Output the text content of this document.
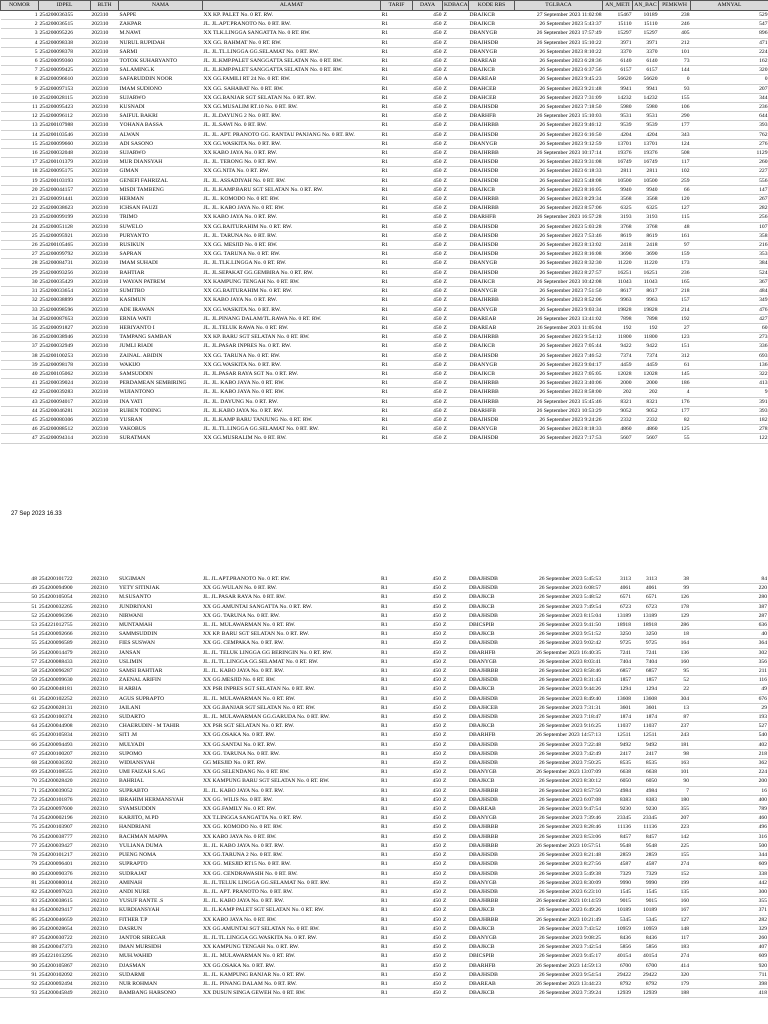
NOMOR	IDPEL	BLTH	NAMA	ALAMAT	TARIF	DAYA	KDBACA	KODE RBS	TGLBACA	AN_METI	AN_BAC	PEMKWH	AMNYAL
1	254200036355	202310	SAPPE	XX KP. PALET No. 0 RT. RW.	R1	450	Z	DBAJKCB	27 September 2023 11:02:08	15467	10189	238	529
2	254200036515	202310	ZAKPAR	JL. JL.APT.PRANOTO No. 0 RT. RW.	R1	450	Z	DBAJKCB	26 September 2023 5:43:37	15110	15110	246	547
3	254200095226	202310	M.NAWI	XX TLK.LINGGA SANGATTA No. 0 RT. RW.	R1	450	Z	DBANYGB	26 September 2023 17:57:49	15297	15297	405	896
4	254200098338	202310	NURUL RUPIDAH	XX GG. RAHMAT No. 0 RT. RW.	R1	450	Z	DBAJHSDB	26 September 2023 15:10:22	3971	3971	212	471
5	254200098378	202310	SARMI	JL. JL.TL.LINGGA GG.SELAMAT No. 0 RT. RW.	R1	450	Z	DBANYGB	26 September 2023 8:10:22	3370	3370	101	224
6	254200099360	202310	TOTOK SUHARYANTO	JL. JL.KMP.PALET SANGGATTA SELATAN No. 0 RT. RW.	R1	450	Z	DBAREAB	26 September 2023 6:28:36	6140	6140	73	162
7	254200099425	202310	SALAMING.K	JL. JL.KMP.PALET SANGGATTA SELATAN No. 0 RT. RW.	R1	450	Z	DBAJKCB	26 September 2023 6:37:56	6157	6157	144	320
8	254200096610	202310	SAFARUDDIN NOOR	XX GG.FAMILI RT 24 No. 0 RT. RW.	R1	450	A	DBAREAB	26 September 2023 9:45:23	56620	56620	0	0
9	254200097153	202310	IMAM SUDIONO	XX GG. SAHABAT No. 0 RT. RW.	R1	450	Z	DBAHCEB	26 September 2023 9:21:48	9941	9941	93	207
10	254200028115	202310	SUJARWO	XX GG.BANJAR SGT SELATAN No. 0 RT. RW.	R1	450	Z	DBAHCEB	26 September 2023 7:31:09	14232	14232	155	344
11	254200095423	202310	KUSNADI	XX GG.MUSALIM RT.10 No. 0 RT. RW.	R1	450	Z	DBAJHSDB	26 September 2023 7:18:50	5980	5980	106	236
12	254200096112	202310	SAIFUL BAKRI	JL. JL.DAYUNG 2 No. 0 RT. RW.	R1	450	Z	DBARHFB	26 September 2023 15:10:03	9531	9531	290	644
13	254200107988	202310	YOHANA BASSA	JL. JL.SAWI No. 0 RT. RW.	R1	450	Z	DBAJHRBB	26 September 2023 9:46:12	9539	9539	177	393
14	254200103546	202310	ALWAN	JL. JL. APT. PRANOTO GG. RANTAU PANJANG No. 0 RT. RW.	R1	450	Z	DBAJHSDB	26 September 2023 6:16:50	4204	4204	343	762
15	254200099660	202310	ADI SASONO	XX GG.WASKITA No. 0 RT. RW.	R1	450	Z	DBANYGB	26 September 2023 9:12:59	13701	13701	124	276
16	254200032048	202310	SUJARWO	XX KABO JAYA No. 0 RT. RW.	R1	450	Z	DBAJHRBB	26 September 2023 10:17:14	19376	19376	508	1129
17	254200101379	202310	MUR DIANSYAH	JL. JL. TERONG No. 0 RT. RW.	R1	450	Z	DBAJHSDB	26 September 2023 9:31:08	16749	16749	117	260
18	254200095175	202310	GIMAN	XX GG.NITA No. 0 RT. RW.	R1	450	Z	DBAJHSDB	26 September 2023 6:18:33	2811	2811	102	227
19	254200103193	202310	GENEFI FAHRIZAL	JL. JL. ASSADIYAH No. 0 RT. RW.	R1	450	Z	DBAJHSDB	26 September 2023 5:48:08	10500	10500	259	556
20	254200044157	202310	MISDI TAMBENG	JL. JL.KAMP.BARU SGT SELATAN No. 0 RT. RW.	R1	450	Z	DBAJKCB	26 September 2023 8:16:05	9940	9940	66	147
21	254200091441	202310	HERMAN	JL. JL. KOMODO No. 0 RT. RW.	R1	450	Z	DBAJHRBB	26 September 2023 8:29:34	3568	3568	120	267
22	254200038623	202310	ICHSAN FAUZI	JL. JL. KABO JAYA No. 0 RT. RW.	R1	450	Z	DBAJHRBB	26 September 2023 8:57:06	6325	6325	127	282
23	254200099199	202310	TRIMO	XX KABO JAYA No. 0 RT. RW.	R1	450	Z	DBARHFB	26 September 2023 16:57:28	3193	3193	115	256
24	254200051128	202310	SUWELO	XX GG.BAITURAHIM No. 0 RT. RW.	R1	450	Z	DBAJHSDB	26 September 2023 5:03:28	3768	3768	48	107
25	254200095921	202310	PURYANTO	JL. JL. TARUNA No. 0 RT. RW.	R1	450	Z	DBAJHSDB	26 September 2023 7:53:46	8619	8619	161	358
26	254200105465	202310	RUSIKUN	XX GG. MESJID No. 0 RT. RW.	R1	450	Z	DBAJHSDB	26 September 2023 8:13:02	2418	2418	97	216
27	254200099792	202310	SAPRAN	XX GG. TARUNA No. 0 RT. RW.	R1	450	Z	DBAJHSDB	26 September 2023 8:16:08	3690	3690	159	353
28	254200084731	202310	IMAM SUHADI	JL. JL.TLK.LINGGA No. 0 RT. RW.	R1	450	Z	DBANYGB	26 September 2023 8:32:30	11220	11220	173	384
29	254200093256	202310	BAHTIAR	JL. JL.SEPAKAT GG.GEMBIRA No. 0 RT. RW.	R1	450	Z	DBAJHSDB	26 September 2023 8:27:57	16251	16251	236	524
30	254200035429	202310	I WAYAN PATREM	XX KAMPUNG TENGAH No. 0 RT. RW.	R1	450	Z	DBAJKCB	26 September 2023 10:42:08	11043	11043	165	367
31	254200033654	202310	SUMITRO	XX GG.BAITURAHIM No. 0 RT. RW.	R1	450	Z	DBANYGB	26 September 2023 7:51:50	8617	8617	218	484
32	254200038899	202310	KASIMUN	XX KABO JAYA No. 0 RT. RW.	R1	450	Z	DBAJHRBB	26 September 2023 8:52:06	9963	9963	157	349
33	254200098596	202310	ADE IRAWAN	XX GG.WASKITA No. 0 RT. RW.	R1	450	Z	DBANYGB	26 September 2023 9:03:34	19828	19828	214	476
34	254200087653	202310	ERNIA WATI	JL. JL.PINANG DALAM/TL.RAWA No. 0 RT. RW.	R1	450	Z	DBAREAB	26 September 2023 13:41:02	7898	7898	192	427
35	254200091827	202310	HERIYANTO I	JL. JL.TELUK RAWA No. 0 RT. RW.	R1	450	Z	DBAREAB	26 September 2023 11:05:04	192	192	27	60
36	254200038946	202310	TAMPANG SAMBAN	XX KP. BARU SGT SELATAN No. 0 RT. RW.	R1	450	Z	DBAJHRBB	26 September 2023 9:54:12	11800	11800	123	273
37	254200032949	202310	JUMLI RIADI	JL. JL.PASAR INPRES No. 0 RT. RW.	R1	450	Z	DBAJKCB	26 September 2023 7:05:44	9422	9422	151	336
38	254200100253	202310	ZAINAL. ABIDIN	XX GG. TARUNA No. 0 RT. RW.	R1	450	Z	DBAJHSDB	26 September 2023 7:46:52	7374	7374	312	693
39	254200098178	202310	WAKIJO	XX GG.WASKITA No. 0 RT. RW.	R1	450	Z	DBANYGB	26 September 2023 9:04:17	4459	4459	61	136
40	254200105062	202310	SAMSUDDIN	JL. JL.PASAR RAYA SGT No. 0 RT. RW.	R1	450	Z	DBAJKCB	26 September 2023 7:05:05	12028	12028	145	322
41	254200039024	202310	PERDAMEAN SEMBIRING	JL. JL. KABO JAYA No. 0 RT. RW.	R1	450	Z	DBAJHRBB	26 September 2023 3:40:06	2000	2000	186	413
42	254200039283	202310	WIJIANTONO	JL. JL. KABO JAYA No. 0 RT. RW.	R1	450	Z	DBAJHRBB	26 September 2023 8:58:00	202	202	4	9
43	254200094017	202310	INA YATI	JL. JL. DAYUNG No. 0 RT. RW.	R1	450	Z	DBAJHRBB	26 September 2023 15:45:46	8321	8321	176	391
44	254200046281	202310	RUBEN TODING	JL. JL.KABO JAYA No. 0 RT. RW.	R1	450	Z	DBARHFB	26 September 2023 10:53:29	9052	9052	177	393
45	254200080306	202310	YUSRAN	JL. JL.KAMP BARU TANJUNG No. 0 RT. RW.	R1	450	Z	DBAJHSDB	26 September 2023 9:24:26	2332	2332	82	182
46	254200088512	202310	YAKOBUS	JL. JL.TL.LINGGA GG.SELAMAT No. 0 RT. RW.	R1	450	Z	DBANYGB	26 September 2023 8:18:33	4860	4860	125	278
47	254200094314	202310	SURATMAN	XX GG.MUSRALIM No. 0 RT. RW.	R1	450	Z	DBAJHSDB	26 September 2023 7:17:53	5607	5607	55	122
27 Sep 2023 16.33
48	254200101722	202310	SUGIMAN	JL. JL.APT.PRANOTO No. 0 RT. RW.	R1	450	Z	DBAJHSDB	26 September 2023 5:45:53	3113	3113	38	84
49	254200094900	202310	YETY SITINJAK	XX GG.WULAN No. 0 RT. RW.	R1	450	Z	DBAJHSDB	26 September 2023 6:08:57	4061	4061	99	220
50	254200105054	202310	M.SUSANTO	JL. JL.PASAR RAYA No. 0 RT. RW.	R1	450	Z	DBAJKCB	26 September 2023 5:48:52	6571	6571	126	280
51	254200032265	202310	JUNDRIYANI	XX GG.AMUNTAI SANGATTA No. 0 RT. RW.	R1	450	Z	DBAJKCB	26 September 2023 7:49:54	6723	6723	178	387
52	254200096396	202310	NIRWANI	XX GG. TARUNA No. 0 RT. RW.	R1	450	Z	DBAJHSDB	26 September 2023 8:15:04	13189	13189	129	287
53	254221012755	202310	MUNTAMAH	JL. JL. MULAWARMAN No. 0 RT. RW.	R1	450	Z	DBICSPIB	26 September 2023 9:41:50	18918	18918	286	636
54	254200092666	202310	SAMMSUDDIN	XX KP. BARU SGT SELATAN No. 0 RT. RW.	R1	450	Z	DBAJKCB	26 September 2023 9:51:52	3250	3250	18	40
55	254200096589	202310	FIES SUSWAN	XX GG. CEMPAKA No. 0 RT. RW.	R1	450	Z	DBAJHSDB	26 September 2023 9:02:42	9725	9725	164	364
56	254200014479	202310	JANSAN	JL. JL. TELUK LINGGA GG BERINGIN No. 0 RT. RW.	R1	450	Z	DBARHFB	26 September 2023 16:40:35	7241	7241	136	302
57	254200088433	202310	USLIMIN	JL. JL.TL.LINGGA GG.SELAMAT No. 0 RT. RW.	R1	450	Z	DBANYGB	26 September 2023 8:03:41	7404	7404	160	356
58	254200096287	202310	SAMSI BAHTIAR	JL. JL. KABO JAYA No. 0 RT. RW.	R1	450	Z	DBAJHRBB	26 September 2023 8:58:46	6857	6857	95	211
59	254200099630	202310	ZAENAL ARIFIN	XX GG.MESJID No. 0 RT. RW.	R1	450	Z	DBAJHSDB	26 September 2023 8:31:43	1857	1857	52	116
60	254200048181	202310	H ARBIA	XX PSR INPRES SGT SELATAN No. 0 RT. RW.	R1	450	Z	DBAJKCB	26 September 2023 9:44:26	1294	1294	22	49
61	254200102252	202310	AGUS SUPRAPTO	JL. JL. MULAWARMAN No. 0 RT. RW.	R1	450	Z	DBAJHSDB	26 September 2023 8:49:40	13608	13608	304	676
62	254200028131	202310	JAILANI	XX GG.BANJAR SGT SELATAN No. 0 RT. RW.	R1	450	Z	DBAJHCEB	26 September 2023 7:31:31	3601	3601	13	29
63	254200100374	202310	SUDARTO	JL. JL. MULAWARMAN GG.GARUDA No. 0 RT. RW.	R1	450	Z	DBAJHSDB	26 September 2023 7:18:47	1874	1874	87	193
64	254200044908	202310	CHAERUDIN - M TAHIR	XX PSR SGT SELATAN No. 0 RT. RW.	R1	450	Z	DBAJKCB	26 September 2023 9:16:25	11037	11037	237	527
65	254200105834	202310	SITI .M	XX GG.OSAKA No. 0 RT. RW.	R1	450	Z	DBARHFB	26 September 2023 14:57:13	12511	12511	243	540
66	254200094493	202310	MULYADI	XX GG.SANTAI No. 0 RT. RW.	R1	450	Z	DBAJHSDB	26 September 2023 7:22:48	9492	9492	181	402
67	254200100207	202310	SUPOMO	XX GG. TARUNA No. 0 RT. RW.	R1	450	Z	DBAJHSDB	26 September 2023 7:42:49	2417	2417	98	218
68	254200036392	202310	WIDIANSYAH	GG MESJID No. 0 RT. RW.	R1	450	Z	DBAJHSDB	26 September 2023 7:50:25	8535	8535	163	362
69	254200108555	202310	UMI FAIZAH S.AG	XX GG.SELENDANG No. 0 RT. RW.	R1	450	Z	DBANYGB	26 September 2023 13:07:09	6638	6638	101	224
70	254200028420	202310	BAHRIAL	XX KAMPUNG BARU SGT SELATAN No. 0 RT. RW.	R1	450	Z	DBAJKCB	26 September 2023 8:30:12	6050	6050	90	200
71	254200039052	202310	SUPRABTO	JL. JL. KABO JAYA No. 0 RT. RW.	R1	450	Z	DBAJHRBB	26 September 2023 8:57:50	4984	4984	7	16
72	254200101876	202310	IBRAHIM HERMANSYAH	XX GG. WILIS No. 0 RT. RW.	R1	450	Z	DBAJHSDB	26 September 2023 6:07:08	8383	8383	180	400
73	254200097600	202310	SYAMSUDDIN	XX GG.FAMILY No. 0 RT. RW.	R1	450	Z	DBAREAB	26 September 2023 9:47:54	9230	9230	355	789
74	254200002196	202310	KARJITO, M.PD	XX T.LINGGA SANGATTA No. 0 RT. RW.	R1	450	Z	DBANYGB	26 September 2023 7:39:46	23345	23345	207	460
75	254200103907	202310	HANDRIANI	XX GG. KOMODO No. 0 RT. RW.	R1	450	Z	DBAJHRBB	26 September 2023 8:28:46	11136	11136	223	496
76	254200038777	202310	RACHMAN MAPPA	XX KABO JAYA No. 0 RT. RW.	R1	450	Z	DBAJHRBB	26 September 2023 8:53:06	8457	8457	142	316
77	254200039427	202310	YULIANA DUMA	JL. JL. KABO JAYA No. 0 RT. RW.	R1	450	Z	DBAJHRBB	26 September 2023 10:57:51	9548	9548	225	500
78	254200101217	202310	PUENG NOMA	XX GG.TARUNA 2 No. 0 RT. RW.	R1	450	Z	DBAJHSDB	26 September 2023 8:21:48	2859	2859	155	344
79	254200096401	202310	SUPRAPTO	XX GG. MESJID RT15 No. 0 RT. RW.	R1	450	Z	DBAJHSDB	26 September 2023 8:27:56	4587	4587	274	609
80	254200090376	202310	SUDRAJAT	XX GG. CENDRAWASIH No. 0 RT. RW.	R1	450	Z	DBAJHSDB	26 September 2023 5:49:38	7329	7329	152	338
81	254200080014	202310	AMINAH	JL. JL.TELUK LINGGA GG.SELAMAT No. 0 RT. RW.	R1	450	Z	DBANYGB	26 September 2023 8:30:09	9990	9990	199	442
82	254200097623	202310	ANDI NURE	JL. JL. APT. PRANOTO No. 0 RT. RW.	R1	450	Z	DBAJHSDB	26 September 2023 6:23:10	1545	1545	135	300
83	254200038615	202310	YUSUF RANTE .S	JL. JL. KABO JAYA No. 0 RT. RW.	R1	450	Z	DBAJHRBB	26 September 2023 10:14:59	9015	9015	160	355
84	254200029417	202310	KURDIANSYAH	JL. JL.KAMP PALET SGT SELATAN No. 0 RT. RW.	R1	450	Z	DBAJKCB	26 September 2023 6:49:26	10189	10189	167	371
85	254200046659	202310	FITHER T.P	XX KABO JAYA No. 0 RT. RW.	R1	450	Z	DBAJHRBB	26 September 2023 10:21:49	5345	5345	127	282
86	254200028654	202310	DASRUN	XX GG.AMUNTAI SGT SELATAN No. 0 RT. RW.	R1	450	Z	DBAJKCB	26 September 2023 7:43:52	10959	10959	148	329
87	254200030722	202310	JANTOR SIREGAR	JL. JL.TL.LINGGA GG.WASKITA No. 0 RT. RW.	R1	450	Z	DBANYGB	26 September 2023 9:08:25	8436	8436	117	260
88	254200047373	202310	IMAN MURSIDH	XX KAMPUNG TENGAH No. 0 RT. RW.	R1	450	Z	DBAJKCB	26 September 2023 7:42:54	5856	5856	183	407
89	254221013295	202310	MUH.WAHID	JL. JL. MULAWARMAN No. 0 RT. RW.	R1	450	Z	DBICSPIB	26 September 2023 9:45:17	40154	40154	274	609
90	254200105867	202310	DJASMAN	XX GG.OSAKA No. 0 RT. RW.	R1	450	Z	DBARHFB	26 September 2023 14:59:13	6700	6700	414	920
91	254200102092	202310	SUDARMI	JL. JL. KAMPUNG BANJAR No. 0 RT. RW.	R1	450	Z	DBAJHSDB	26 September 2023 9:54:54	29422	29422	320	711
92	254200092494	202310	NUR ROHMAN	JL. JL. PINANG DALAM No. 0 RT. RW.	R1	450	Z	DBAREAB	26 September 2023 13:44:23	8792	8792	179	398
93	254200045849	202310	BAMBANG HARSONO	XX DUSUN SINGA GEWEH No. 0 RT. RW.	R1	450	Z	DBAJKCB	26 September 2023 7:39:24	12939	12939	188	418
